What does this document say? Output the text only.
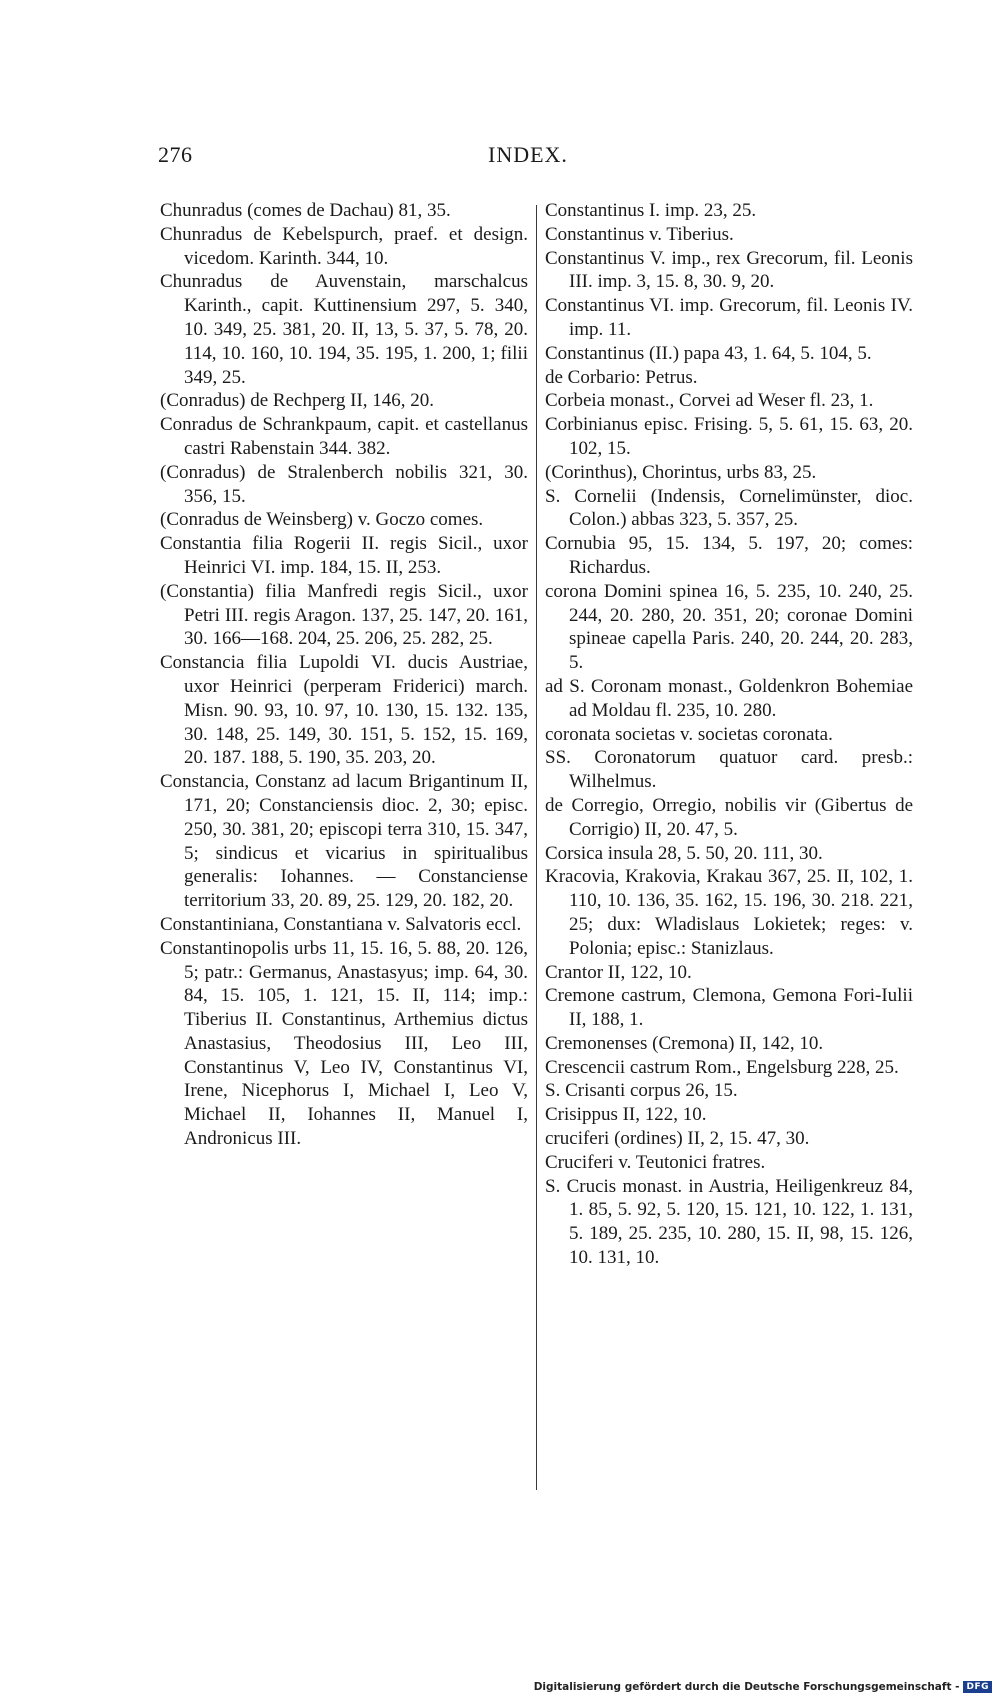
276	INDEX.

Chunradus (comes de Dachau) 81, 35.

Chunradus de Kebelspurch, praef. et design. vicedom. Karinth. 344, 10.

Chunradus de Auvenstain, marschalcus Karinth., capit. Kuttinensium 297, 5. 340, 10. 349, 25. 381, 20. II, 13, 5. 37, 5. 78, 20. 114, 10. 160, 10. 194, 35. 195, 1. 200, 1; filii 349, 25.

(Conradus) de Rechperg II, 146, 20.

Conradus de Schrankpaum, capit. et castellanus castri Rabenstain 344. 382.

(Conradus) de Stralenberch nobilis 321, 30. 356, 15.

(Conradus de Weinsberg) v. Goczo comes.

Constantia filia Rogerii II. regis Sicil., uxor Heinrici VI. imp. 184, 15. II, 253.

(Constantia) filia Manfredi regis Sicil., uxor Petri III. regis Aragon. 137, 25. 147, 20. 161, 30. 166—168. 204, 25. 206, 25. 282, 25.

Constancia filia Lupoldi VI. ducis Austriae, uxor Heinrici (perperam Friderici) march. Misn. 90. 93, 10. 97, 10. 130, 15. 132. 135, 30. 148, 25. 149, 30. 151, 5. 152, 15. 169, 20. 187. 188, 5. 190, 35. 203, 20.

Constancia, Constanz ad lacum Brigantinum II, 171, 20; Constanciensis dioc. 2, 30; episc. 250, 30. 381, 20; episcopi terra 310, 15. 347, 5; sindicus et vicarius in spiritualibus generalis: Iohannes. — Constanciense territorium 33, 20. 89, 25. 129, 20. 182, 20.

Constantiniana, Constantiana v. Salvatoris eccl.

Constantinopolis urbs 11, 15. 16, 5. 88, 20. 126, 5; patr.: Germanus, Anastasyus; imp. 64, 30. 84, 15. 105, 1. 121, 15. II, 114; imp.: Tiberius II. Constantinus, Arthemius dictus Anastasius, Theodosius III, Leo III, Constantinus V, Leo IV, Constantinus VI, Irene, Nicephorus I, Michael I, Leo V, Michael II, Iohannes II, Manuel I, Andronicus III.

Constantinus I. imp. 23, 25.

Constantinus v. Tiberius.

Constantinus V. imp., rex Grecorum, fil. Leonis III. imp. 3, 15. 8, 30. 9, 20.

Constantinus VI. imp. Grecorum, fil. Leonis IV. imp. 11.

Constantinus (II.) papa 43, 1. 64, 5. 104, 5.

de Corbario: Petrus.

Corbeia monast., Corvei ad Weser fl. 23, 1.

Corbinianus episc. Frising. 5, 5. 61, 15. 63, 20. 102, 15.

(Corinthus), Chorintus, urbs 83, 25.

S. Cornelii (Indensis, Cornelimünster, dioc. Colon.) abbas 323, 5. 357, 25.

Cornubia 95, 15. 134, 5. 197, 20; comes: Richardus.

corona Domini spinea 16, 5. 235, 10. 240, 25. 244, 20. 280, 20. 351, 20; coronae Domini spineae capella Paris. 240, 20. 244, 20. 283, 5.

ad S. Coronam monast., Goldenkron Bohemiae ad Moldau fl. 235, 10. 280.

coronata societas v. societas coronata.

SS. Coronatorum quatuor card. presb.: Wilhelmus.

de Corregio, Orregio, nobilis vir (Gibertus de Corrigio) II, 20. 47, 5.

Corsica insula 28, 5. 50, 20. 111, 30.

Kracovia, Krakovia, Krakau 367, 25. II, 102, 1. 110, 10. 136, 35. 162, 15. 196, 30. 218. 221, 25; dux: Wladislaus Lokietek; reges: v. Polonia; episc.: Stanizlaus.

Crantor II, 122, 10.

Cremone castrum, Clemona, Gemona Fori-Iulii II, 188, 1.

Cremonenses (Cremona) II, 142, 10.

Crescencii castrum Rom., Engelsburg 228, 25.

S. Crisanti corpus 26, 15.

Crisippus II, 122, 10.

cruciferi (ordines) II, 2, 15. 47, 30.

Cruciferi v. Teutonici fratres.

S. Crucis monast. in Austria, Heiligenkreuz 84, 1. 85, 5. 92, 5. 120, 15. 121, 10. 122, 1. 131, 5. 189, 25. 235, 10. 280, 15. II, 98, 15. 126, 10. 131, 10.

Digitalisierung gefördert durch die Deutsche Forschungsgemeinschaft - DFG
